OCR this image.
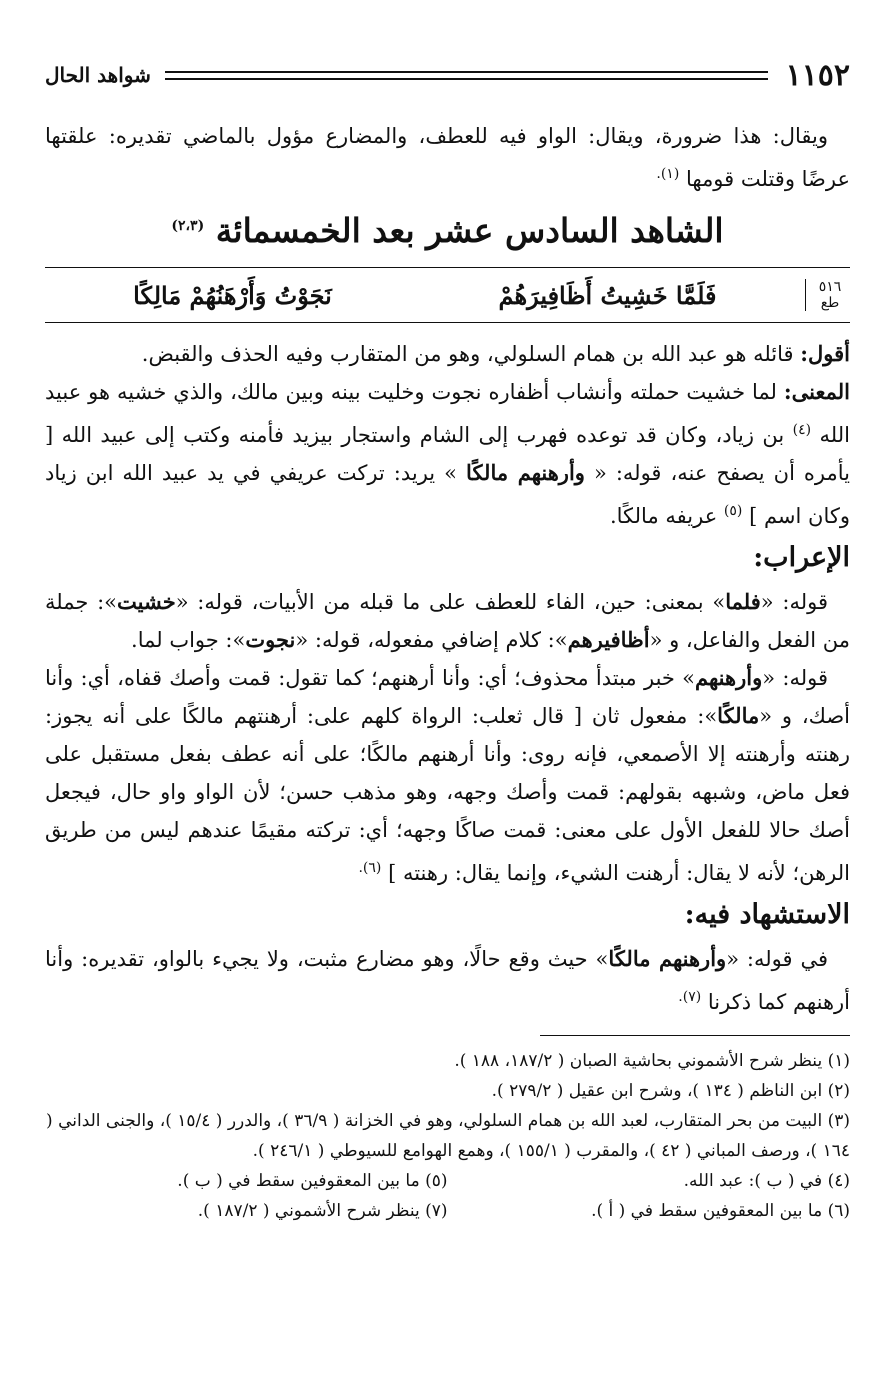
١١٥٢
شواهد الحال

ويقال: هذا ضرورة، ويقال: الواو فيه للعطف، والمضارع مؤول بالماضي تقديره: علقتها عرضًا وقتلت قومها $^{(١).}$

الشاهد السادس عشر بعد الخمسمائة $^{(٢،٣)}$
٥١٦
طع
فَلَمَّا خَشِيتُ أَظَافِيرَهُمْ
نَجَوْتُ وَأَرْهَنُهُمْ مَالِكًا

أقول: قائله هو عبد الله بن همام السلولي، وهو من المتقارب وفيه الحذف والقبض.

المعنى: لما خشيت حملته وأنشاب أظفاره نجوت وخليت بينه وبين مالك، والذي خشيه هو عبيد الله $^{(٤)}$ بن زياد، وكان قد توعده فهرب إلى الشام واستجار بيزيد فأمنه وكتب إلى عبيد الله [ يأمره أن يصفح عنه، قوله: « وأرهنهم مالكًا » يريد: تركت عريفي في يد عبيد الله ابن زياد وكان اسم ] $^{(٥)}$ عريفه مالكًا.

الإعراب:

قوله: «فلما» بمعنى: حين، الفاء للعطف على ما قبله من الأبيات، قوله: «خشيت»: جملة من الفعل والفاعل، و «أظافيرهم»: كلام إضافي مفعوله، قوله: «نجوت»: جواب لما.

قوله: «وأرهنهم» خبر مبتدأ محذوف؛ أي: وأنا أرهنهم؛ كما تقول: قمت وأصك قفاه، أي: وأنا أصك، و «مالكًا»: مفعول ثان [ قال ثعلب: الرواة كلهم على: أرهنتهم مالكًا على أنه يجوز: رهنته وأرهنته إلا الأصمعي، فإنه روى: وأنا أرهنهم مالكًا؛ على أنه عطف بفعل مستقبل على فعل ماض، وشبهه بقولهم: قمت وأصك وجهه، وهو مذهب حسن؛ لأن الواو واو حال، فيجعل أصك حالا للفعل الأول على معنى: قمت صاكًا وجهه؛ أي: تركته مقيمًا عندهم ليس من طريق الرهن؛ لأنه لا يقال: أرهنت الشيء، وإنما يقال: رهنته ] $^{(٦).}$

الاستشهاد فيه:

في قوله: «وأرهنهم مالكًا» حيث وقع حالًا، وهو مضارع مثبت، ولا يجيء بالواو، تقديره: وأنا أرهنهم كما ذكرنا $^{(٧).}$

(١) ينظر شرح الأشموني بحاشية الصبان ( ١٨٧/٢، ١٨٨ ).

(٢) ابن الناظم ( ١٣٤ )، وشرح ابن عقيل ( ٢٧٩/٢ ).

(٣) البيت من بحر المتقارب، لعبد الله بن همام السلولي، وهو في الخزانة ( ٣٦/٩ )، والدرر ( ١٥/٤ )، والجنى الداني ( ١٦٤ )، ورصف المباني ( ٤٢ )، والمقرب ( ١٥٥/١ )، وهمع الهوامع للسيوطي ( ٢٤٦/١ ).

(٤) في ( ب ): عبد الله.
(٥) ما بين المعقوفين سقط في ( ب ).
(٦) ما بين المعقوفين سقط في ( أ ).
(٧) ينظر شرح الأشموني ( ١٨٧/٢ ).
